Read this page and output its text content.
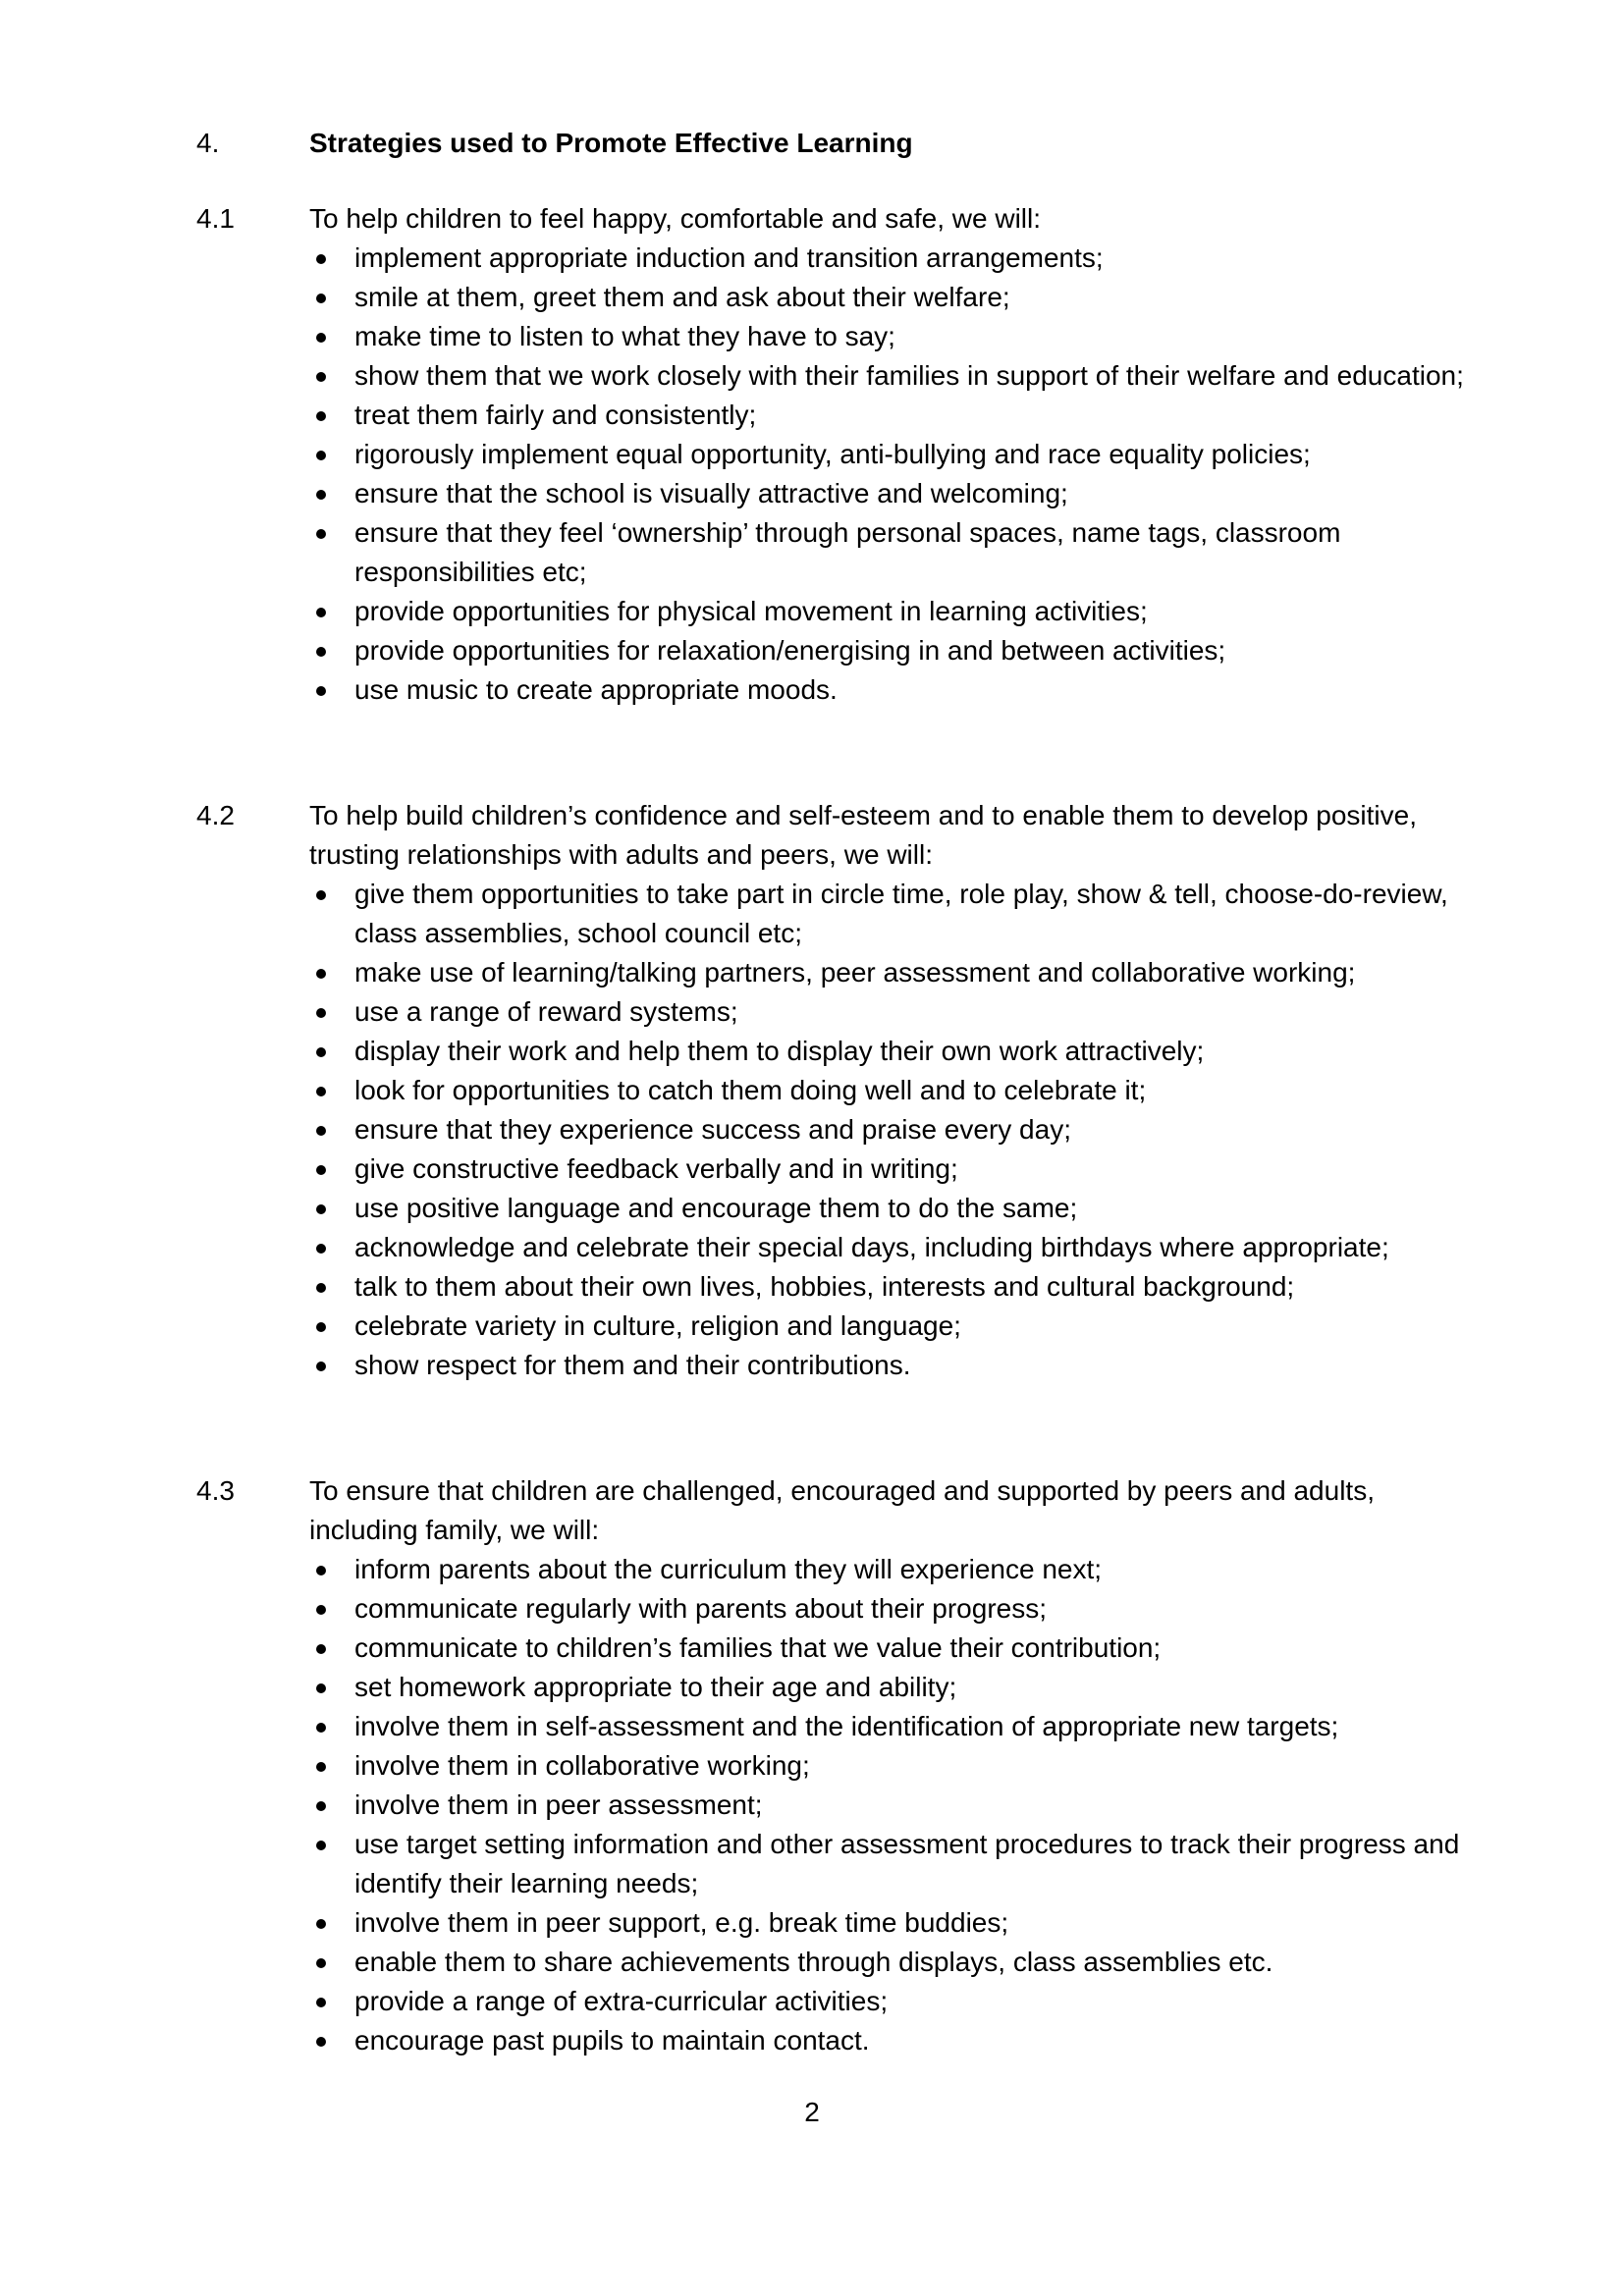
4.	Strategies used to Promote Effective Learning
4.1	To help children to feel happy, comfortable and safe, we will:
implement appropriate induction and transition arrangements;
smile at them, greet them and ask about their welfare;
make time to listen to what they have to say;
show them that we work closely with their families in support of their welfare and education;
treat them fairly and consistently;
rigorously implement equal opportunity, anti-bullying and race equality policies;
ensure that the school is visually attractive and welcoming;
ensure that they feel ‘ownership’ through personal spaces, name tags, classroom responsibilities etc;
provide opportunities for physical movement in learning activities;
provide opportunities for relaxation/energising in and between activities;
use music to create appropriate moods.
4.2	To help build children’s confidence and self-esteem and to enable them to develop positive, trusting relationships with adults and peers, we will:
give them opportunities to take part in circle time, role play, show & tell, choose-do-review, class assemblies, school council etc;
make use of learning/talking partners, peer assessment and collaborative working;
use a range of reward systems;
display their work and help them to display their own work attractively;
look for opportunities to catch them doing well and to celebrate it;
ensure that they experience success and praise every day;
give constructive feedback verbally and in writing;
use positive language and encourage them to do the same;
acknowledge and celebrate their special days, including birthdays where appropriate;
talk to them about their own lives, hobbies, interests and cultural background;
celebrate variety in culture, religion and language;
show respect for them and their contributions.
4.3	To ensure that children are challenged, encouraged and supported by peers and adults, including family, we will:
inform parents about the curriculum they will experience next;
communicate regularly with parents about their progress;
communicate to children’s families that we value their contribution;
set homework appropriate to their age and ability;
involve them in self-assessment and the identification of appropriate new targets;
involve them in collaborative working;
involve them in peer assessment;
use target setting information and other assessment procedures to track their progress and identify their learning needs;
involve them in peer support, e.g. break time buddies;
enable them to share achievements through displays, class assemblies etc.
provide a range of extra-curricular activities;
encourage past pupils to maintain contact.
2
